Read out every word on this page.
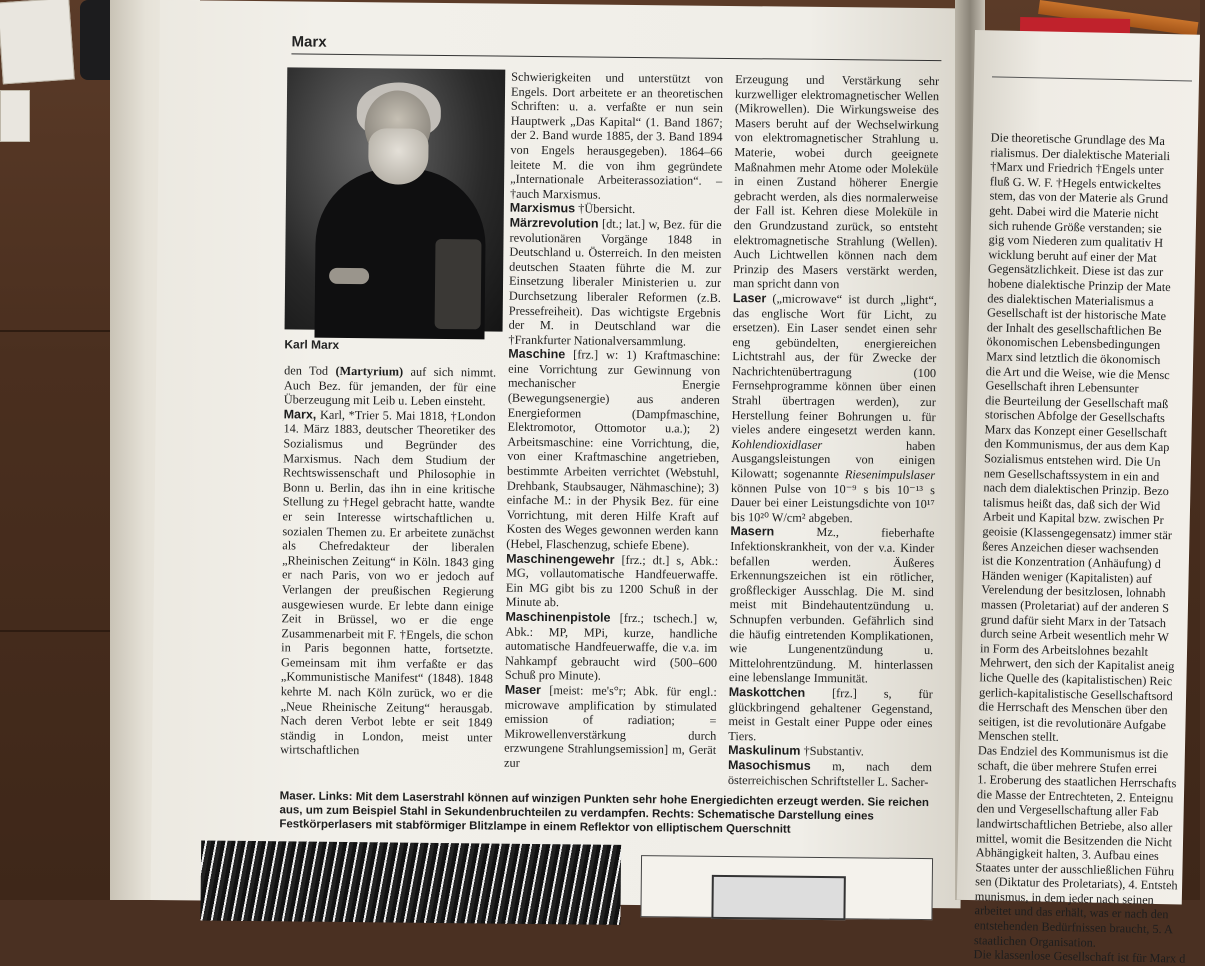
Marx
Karl Marx

den Tod (Martyrium) auf sich nimmt. Auch Bez. für jemanden, der für eine Überzeugung mit Leib u. Leben einsteht.

Marx, Karl, *Trier 5. Mai 1818, †London 14. März 1883, deutscher Theoretiker des Sozialismus und Begründer des Marxismus. Nach dem Studium der Rechtswissenschaft und Philosophie in Bonn u. Berlin, das ihn in eine kritische Stellung zu †Hegel gebracht hatte, wandte er sein Interesse wirtschaftlichen u. sozialen Themen zu. Er arbeitete zunächst als Chefredakteur der liberalen „Rheinischen Zeitung“ in Köln. 1843 ging er nach Paris, von wo er jedoch auf Verlangen der preußischen Regierung ausgewiesen wurde. Er lebte dann einige Zeit in Brüssel, wo er die enge Zusammenarbeit mit F. †Engels, die schon in Paris begonnen hatte, fortsetzte. Gemeinsam mit ihm verfaßte er das „Kommunistische Manifest“ (1848). 1848 kehrte M. nach Köln zurück, wo er die „Neue Rheinische Zeitung“ herausgab. Nach deren Verbot lebte er seit 1849 ständig in London, meist unter wirtschaftlichen

Schwierigkeiten und unterstützt von Engels. Dort arbeitete er an theoretischen Schriften: u. a. verfaßte er nun sein Hauptwerk „Das Kapital“ (1. Band 1867; der 2. Band wurde 1885, der 3. Band 1894 von Engels herausgegeben). 1864–66 leitete M. die von ihm gegründete „Internationale Arbeiterassoziation“. – †auch Marxismus.

Marxismus †Übersicht.

Märzrevolution [dt.; lat.] w, Bez. für die revolutionären Vorgänge 1848 in Deutschland u. Österreich. In den meisten deutschen Staaten führte die M. zur Einsetzung liberaler Ministerien u. zur Durchsetzung liberaler Reformen (z.B. Pressefreiheit). Das wichtigste Ergebnis der M. in Deutschland war die †Frankfurter Nationalversammlung.

Maschine [frz.] w: 1) Kraftmaschine: eine Vorrichtung zur Gewinnung von mechanischer Energie (Bewegungsenergie) aus anderen Energieformen (Dampfmaschine, Elektromotor, Ottomotor u.a.); 2) Arbeitsmaschine: eine Vorrichtung, die, von einer Kraftmaschine angetrieben, bestimmte Arbeiten verrichtet (Webstuhl, Drehbank, Staubsauger, Nähmaschine); 3) einfache M.: in der Physik Bez. für eine Vorrichtung, mit deren Hilfe Kraft auf Kosten des Weges gewonnen werden kann (Hebel, Flaschenzug, schiefe Ebene).

Maschinengewehr [frz.; dt.] s, Abk.: MG, vollautomatische Handfeuerwaffe. Ein MG gibt bis zu 1200 Schuß in der Minute ab.

Maschinenpistole [frz.; tschech.] w, Abk.: MP, MPi, kurze, handliche automatische Handfeuerwaffe, die v.a. im Nahkampf gebraucht wird (500–600 Schuß pro Minute).

Maser [meist: me's°r; Abk. für engl.: microwave amplification by stimulated emission of radiation; = Mikrowellenverstärkung durch erzwungene Strahlungsemission] m, Gerät zur

Erzeugung und Verstärkung sehr kurzwelliger elektromagnetischer Wellen (Mikrowellen). Die Wirkungsweise des Masers beruht auf der Wechselwirkung von elektromagnetischer Strahlung u. Materie, wobei durch geeignete Maßnahmen mehr Atome oder Moleküle in einen Zustand höherer Energie gebracht werden, als dies normalerweise der Fall ist. Kehren diese Moleküle in den Grundzustand zurück, so entsteht elektromagnetische Strahlung (Wellen). Auch Lichtwellen können nach dem Prinzip des Masers verstärkt werden, man spricht dann von

Laser („microwave“ ist durch „light“, das englische Wort für Licht, zu ersetzen). Ein Laser sendet einen sehr eng gebündelten, energiereichen Lichtstrahl aus, der für Zwecke der Nachrichtenübertragung (100 Fernsehprogramme können über einen Strahl übertragen werden), zur Herstellung feiner Bohrungen u. für vieles andere eingesetzt werden kann. Kohlendioxidlaser haben Ausgangsleistungen von einigen Kilowatt; sogenannte Riesenimpulslaser können Pulse von 10⁻⁹ s bis 10⁻¹³ s Dauer bei einer Leistungsdichte von 10¹⁷ bis 10²⁰ W/cm² abgeben.

Masern Mz., fieberhafte Infektionskrankheit, von der v.a. Kinder befallen werden. Äußeres Erkennungszeichen ist ein rötlicher, großfleckiger Ausschlag. Die M. sind meist mit Bindehautentzündung u. Schnupfen verbunden. Gefährlich sind die häufig eintretenden Komplikationen, wie Lungenentzündung u. Mittelohrentzündung. M. hinterlassen eine lebenslange Immunität.

Maskottchen [frz.] s, für glückbringend gehaltener Gegenstand, meist in Gestalt einer Puppe oder eines Tiers.

Maskulinum †Substantiv.

Masochismus m, nach dem österreichischen Schriftsteller L. Sacher-

Maser. Links: Mit dem Laserstrahl können auf winzigen Punkten sehr hohe Energiedichten erzeugt werden. Sie reichen aus, um zum Beispiel Stahl in Sekundenbruchteilen zu verdampfen. Rechts: Schematische Darstellung eines Festkörperlasers mit stabförmiger Blitzlampe in einem Reflektor von elliptischem Querschnitt

Die theoretische Grundlage des Ma

rialismus. Der dialektische Materiali

†Marx und Friedrich †Engels unter

fluß G. W. F. †Hegels entwickeltes

stem, das von der Materie als Grund

geht. Dabei wird die Materie nicht

sich ruhende Größe verstanden; sie

gig vom Niederen zum qualitativ H

wicklung beruht auf einer der Mat

Gegensätzlichkeit. Diese ist das zur

hobene dialektische Prinzip der Mate

des dialektischen Materialismus a

Gesellschaft ist der historische Mate

der Inhalt des gesellschaftlichen Be

ökonomischen Lebensbedingungen

Marx sind letztlich die ökonomisch

die Art und die Weise, wie die Mensc

Gesellschaft ihren Lebensunter

die Beurteilung der Gesellschaft maß

storischen Abfolge der Gesellschafts

Marx das Konzept einer Gesellschaft

den Kommunismus, der aus dem Kap

Sozialismus entstehen wird. Die Un

nem Gesellschaftssystem in ein and

nach dem dialektischen Prinzip. Bezo

talismus heißt das, daß sich der Wid

Arbeit und Kapital bzw. zwischen Pr

geoisie (Klassengegensatz) immer stär

ßeres Anzeichen dieser wachsenden

ist die Konzentration (Anhäufung) d

Händen weniger (Kapitalisten) auf

Verelendung der besitzlosen, lohnabh

massen (Proletariat) auf der anderen S

grund dafür sieht Marx in der Tatsach

durch seine Arbeit wesentlich mehr W

in Form des Arbeitslohnes bezahlt

Mehrwert, den sich der Kapitalist aneig

liche Quelle des (kapitalistischen) Reic

gerlich-kapitalistische Gesellschaftsord

die Herrschaft des Menschen über den

seitigen, ist die revolutionäre Aufgabe

Menschen stellt.

Das Endziel des Kommunismus ist die

schaft, die über mehrere Stufen errei

1. Eroberung des staatlichen Herrschafts

die Masse der Entrechteten, 2. Enteignu

den und Vergesellschaftung aller Fab

landwirtschaftlichen Betriebe, also aller

mittel, womit die Besitzenden die Nicht

Abhängigkeit halten, 3. Aufbau eines

Staates unter der ausschließlichen Führu

sen (Diktatur des Proletariats), 4. Entsteh

munismus, in dem jeder nach seinen

arbeitet und das erhält, was er nach den

entstehenden Bedürfnissen braucht, 5. A

staatlichen Organisation.

Die klassenlose Gesellschaft ist für Marx d
